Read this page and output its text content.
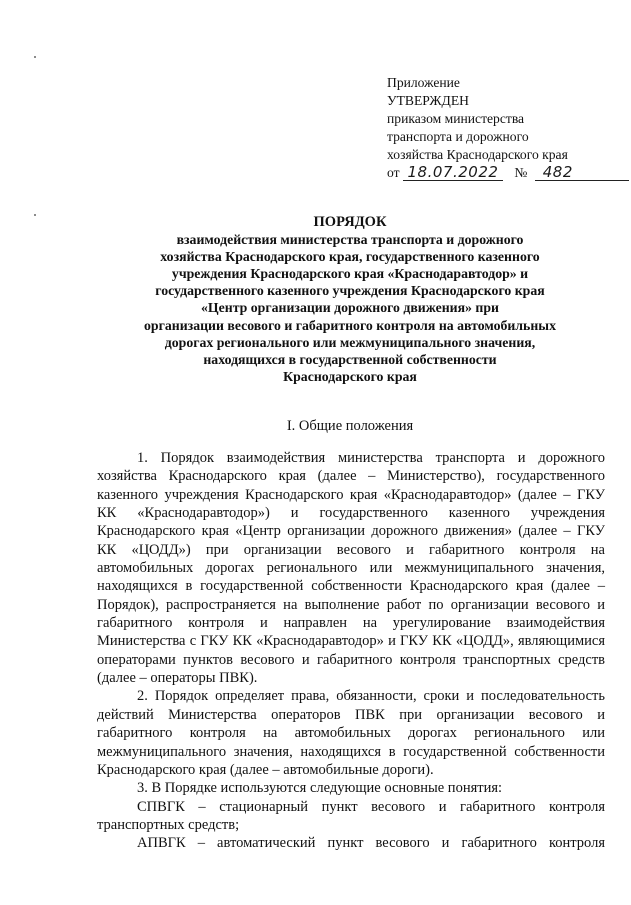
Приложение
УТВЕРЖДЕН
приказом министерства
транспорта и дорожного
хозяйства Краснодарского края
от 18.07.2022 № 482
ПОРЯДОК
взаимодействия министерства транспорта и дорожного
хозяйства Краснодарского края, государственного казенного
учреждения Краснодарского края «Краснодаравтодор» и
государственного казенного учреждения Краснодарского края
«Центр организации дорожного движения» при
организации весового и габаритного контроля на автомобильных
дорогах регионального или межмуниципального значения,
находящихся в государственной собственности
Краснодарского края
I. Общие положения

1. Порядок взаимодействия министерства транспорта и дорожного хозяйства Краснодарского края (далее – Министерство), государственного казенного учреждения Краснодарского края «Краснодаравтодор» (далее – ГКУ КК «Краснодаравтодор») и государственного казенного учреждения Краснодарского края «Центр организации дорожного движения» (далее – ГКУ КК «ЦОДД») при организации весового и габаритного контроля на автомобильных дорогах регионального или межмуниципального значения, находящихся в государственной собственности Краснодарского края (далее – Порядок), распространяется на выполнение работ по организации весового и габаритного контроля и направлен на урегулирование взаимодействия Министерства с ГКУ КК «Краснодаравтодор» и ГКУ КК «ЦОДД», являющимися операторами пунктов весового и габаритного контроля транспортных средств (далее – операторы ПВК).

2. Порядок определяет права, обязанности, сроки и последовательность действий Министерства операторов ПВК при организации весового и габаритного контроля на автомобильных дорогах регионального или межмуниципального значения, находящихся в государственной собственности Краснодарского края (далее – автомобильные дороги).

3. В Порядке используются следующие основные понятия:

СПВГК – стационарный пункт весового и габаритного контроля транспортных средств;

АПВГК – автоматический пункт весового и габаритного контроля
